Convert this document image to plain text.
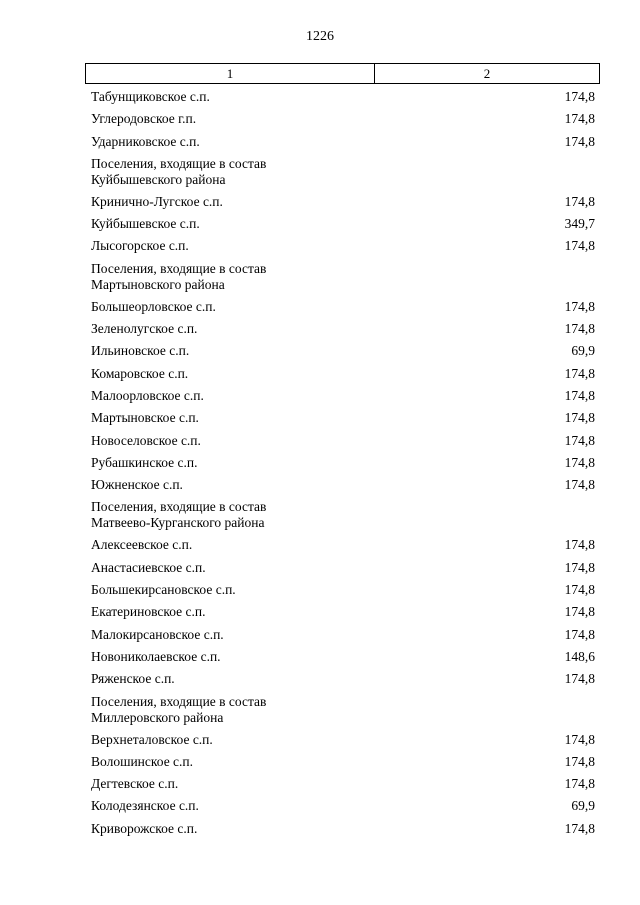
1226
1	2
Табунщиковское с.п.	174,8
Углеродовское г.п.	174,8
Ударниковское с.п.	174,8
Поселения, входящие в состав
Куйбышевского района
Кринично-Лугское с.п.	174,8
Куйбышевское с.п.	349,7
Лысогорское с.п.	174,8
Поселения, входящие в состав
Мартыновского района
Большеорловское с.п.	174,8
Зеленолугское с.п.	174,8
Ильиновское с.п.	69,9
Комаровское с.п.	174,8
Малоорловское с.п.	174,8
Мартыновское с.п.	174,8
Новоселовское с.п.	174,8
Рубашкинское с.п.	174,8
Южненское с.п.	174,8
Поселения, входящие в состав
Матвеево-Курганского района
Алексеевское с.п.	174,8
Анастасиевское с.п.	174,8
Большекирсановское с.п.	174,8
Екатериновское с.п.	174,8
Малокирсановское с.п.	174,8
Новониколаевское с.п.	148,6
Ряженское с.п.	174,8
Поселения, входящие в состав
Миллеровского района
Верхнеталовское с.п.	174,8
Волошинское с.п.	174,8
Дегтевское с.п.	174,8
Колодезянское с.п.	69,9
Криворожское с.п.	174,8
